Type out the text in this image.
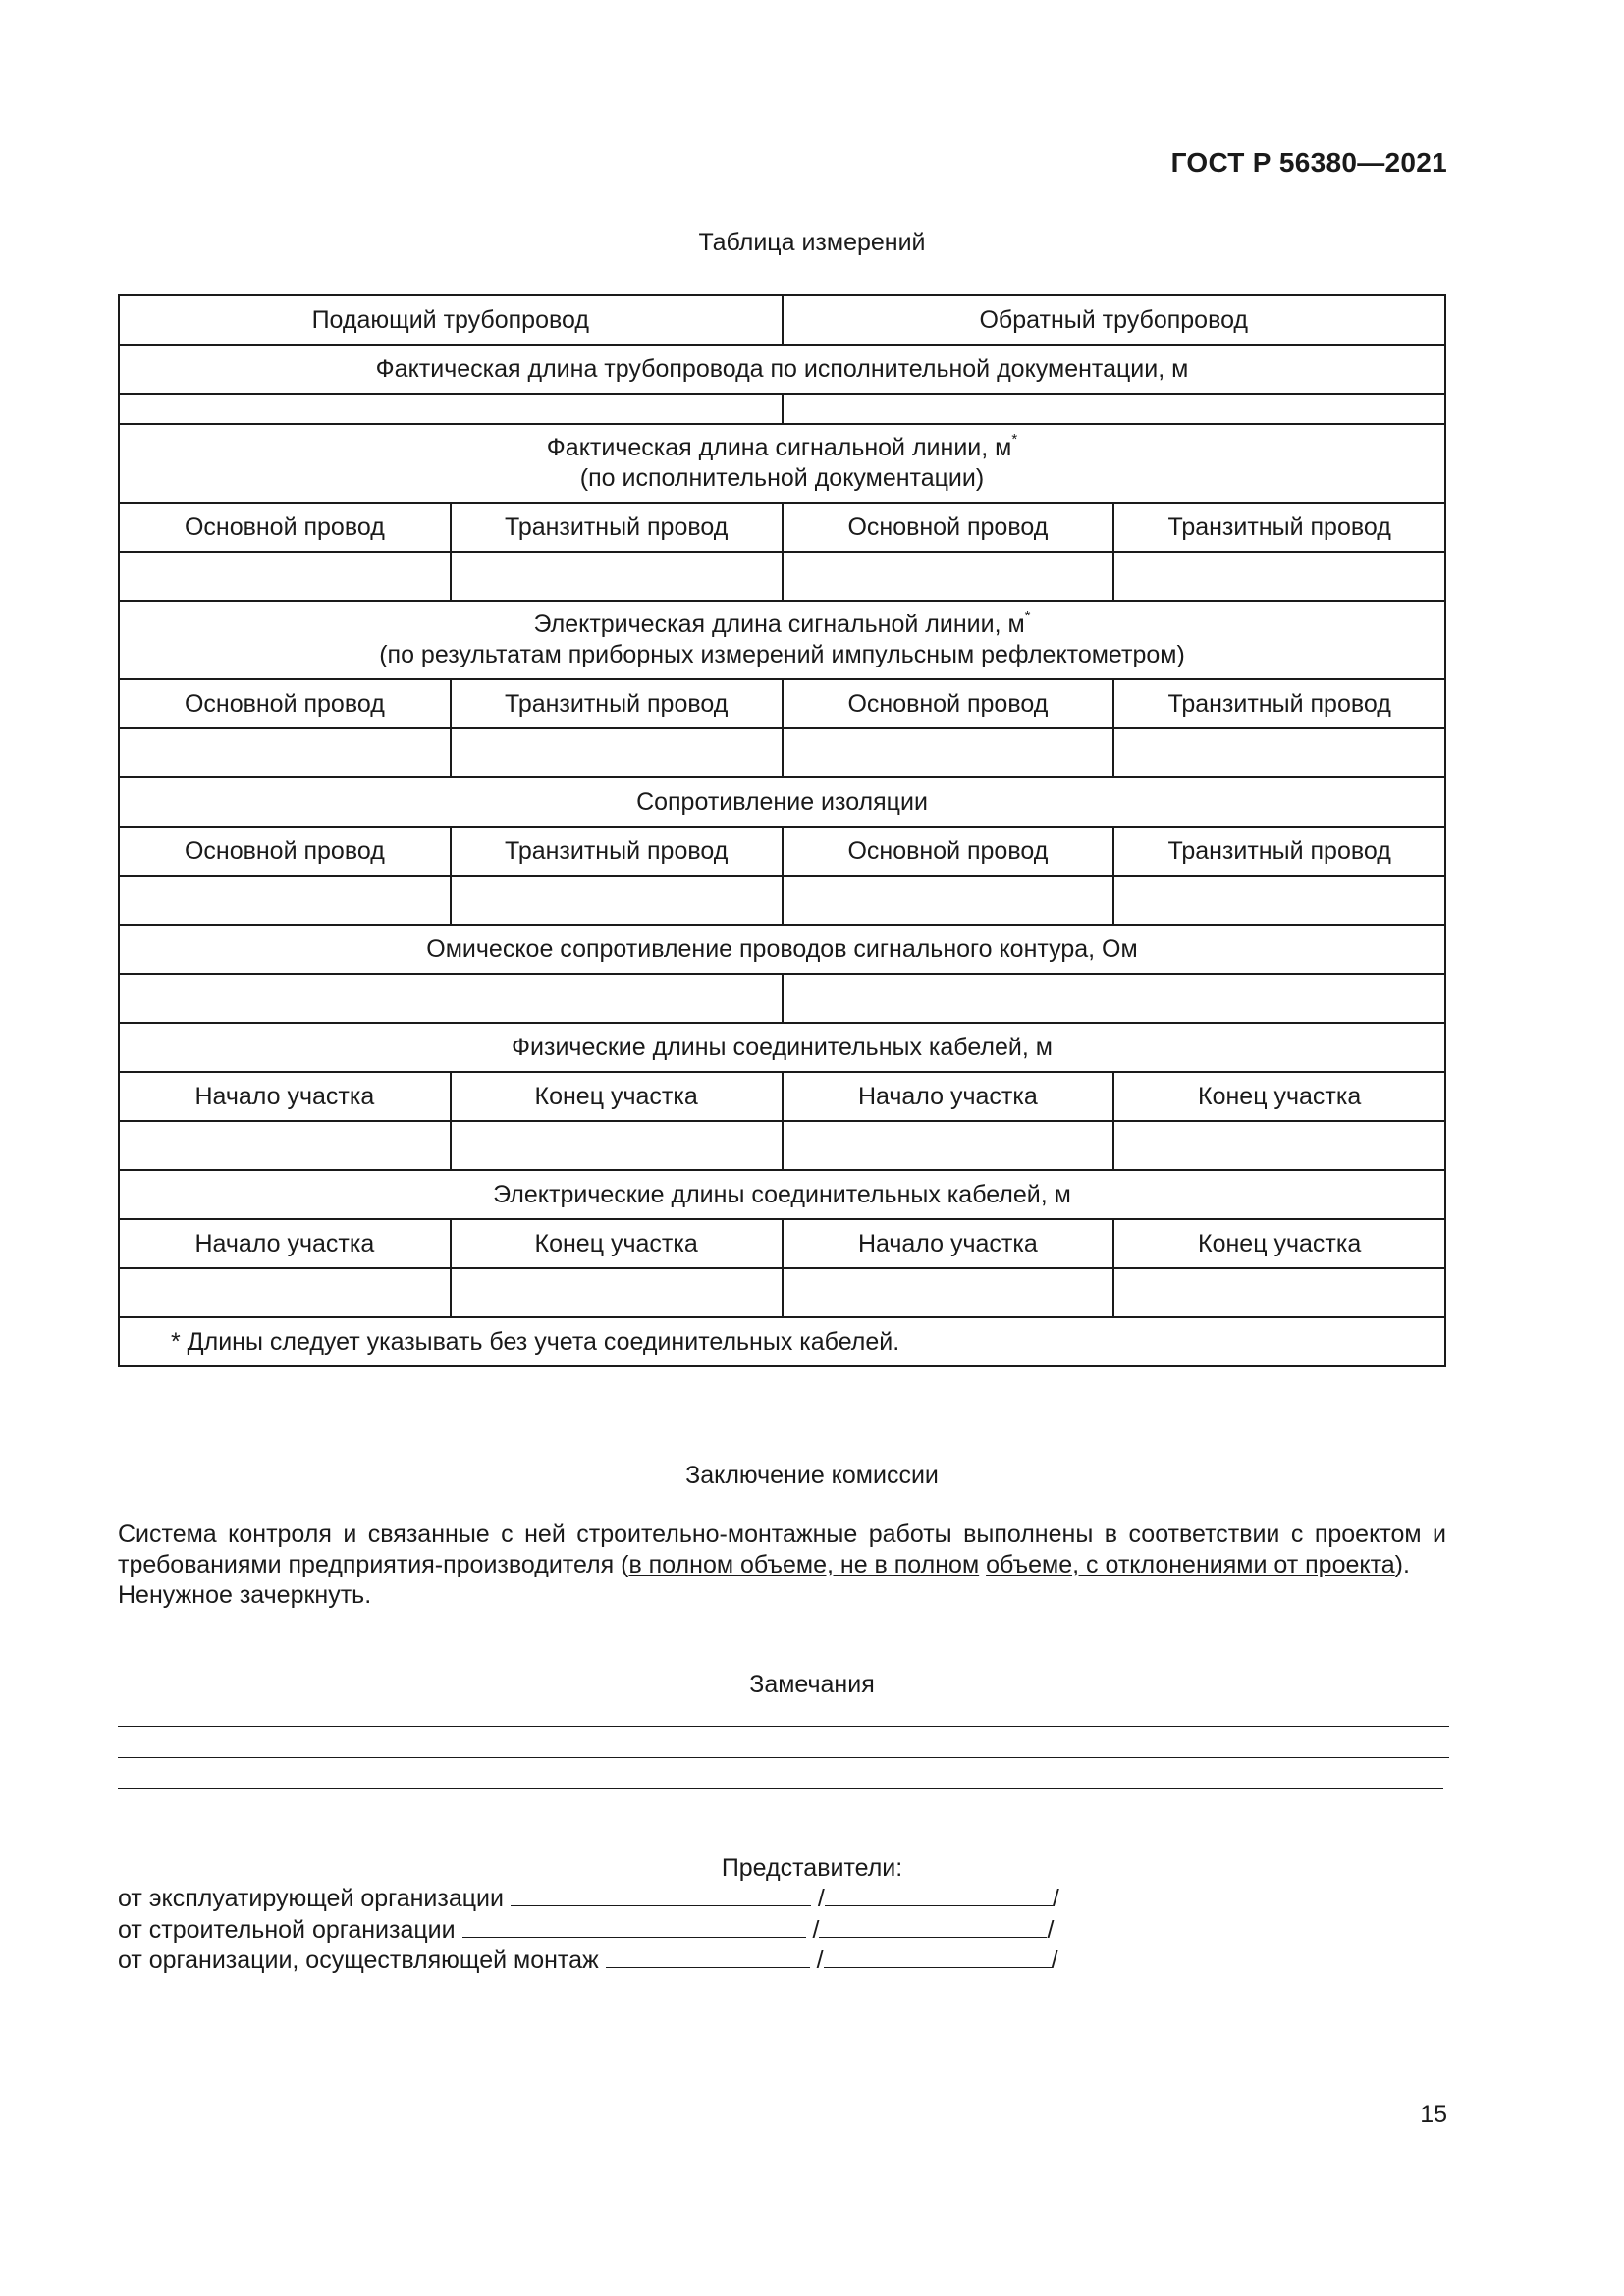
ГОСТ Р 56380—2021
Таблица измерений
Подающий трубопровод		Обратный трубопровод	
Фактическая длина трубопровода по исполнительной документации, м			

Фактическая длина сигнальной линии, м*
(по исполнительной документации)			
Основной провод	Транзитный провод	Основной провод	Транзитный провод

Электрическая длина сигнальной линии, м*
(по результатам приборных измерений импульсным рефлектометром)			
Основной провод	Транзитный провод	Основной провод	Транзитный провод

Сопротивление изоляции			
Основной провод	Транзитный провод	Основной провод	Транзитный провод

Омическое сопротивление проводов сигнального контура, Ом			

Физические длины соединительных кабелей, м			
Начало участка	Конец участка	Начало участка	Конец участка

Электрические длины соединительных кабелей, м			
Начало участка	Конец участка	Начало участка	Конец участка

* Длины следует указывать без учета соединительных кабелей.			
Заключение комиссии
Система контроля и связанные с ней строительно-монтажные работы выполнены в соответствии с проектом и требованиями предприятия-производителя (в полном объеме, не в полном объеме, с отклонениями от проекта).
Ненужное зачеркнуть.
Замечания
Представители:
от эксплуатирующей организации	/	/
от строительной организации	/	/
от организации, осуществляющей монтаж	/	/
15
